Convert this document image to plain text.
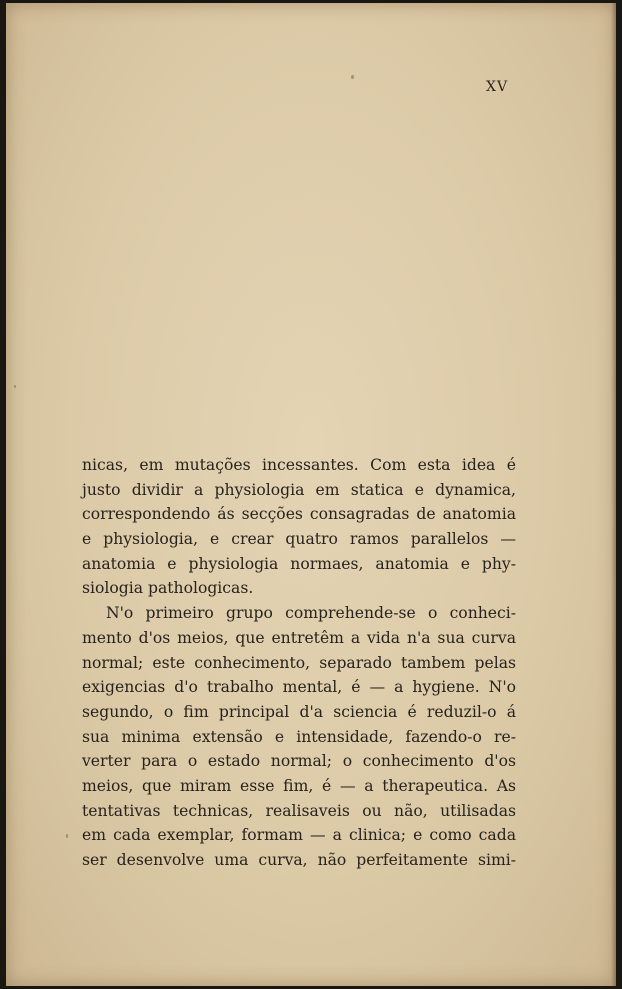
XV
nicas, em mutações incessantes. Com esta idea é
justo dividir a physiologia em statica e dynamica,
correspondendo ás secções consagradas de anatomia
e physiologia, e crear quatro ramos parallelos —
anatomia e physiologia normaes, anatomia e phy-
siologia pathologicas.
N'o primeiro grupo comprehende-se o conheci-
mento d'os meios, que entretêm a vida n'a sua curva
normal; este conhecimento, separado tambem pelas
exigencias d'o trabalho mental, é — a hygiene. N'o
segundo, o fim principal d'a sciencia é reduzil-o á
sua minima extensão e intensidade, fazendo-o re-
verter para o estado normal; o conhecimento d'os
meios, que miram esse fim, é — a therapeutica. As
tentativas technicas, realisaveis ou não, utilisadas
em cada exemplar, formam — a clinica; e como cada
ser desenvolve uma curva, não perfeitamente simi-
